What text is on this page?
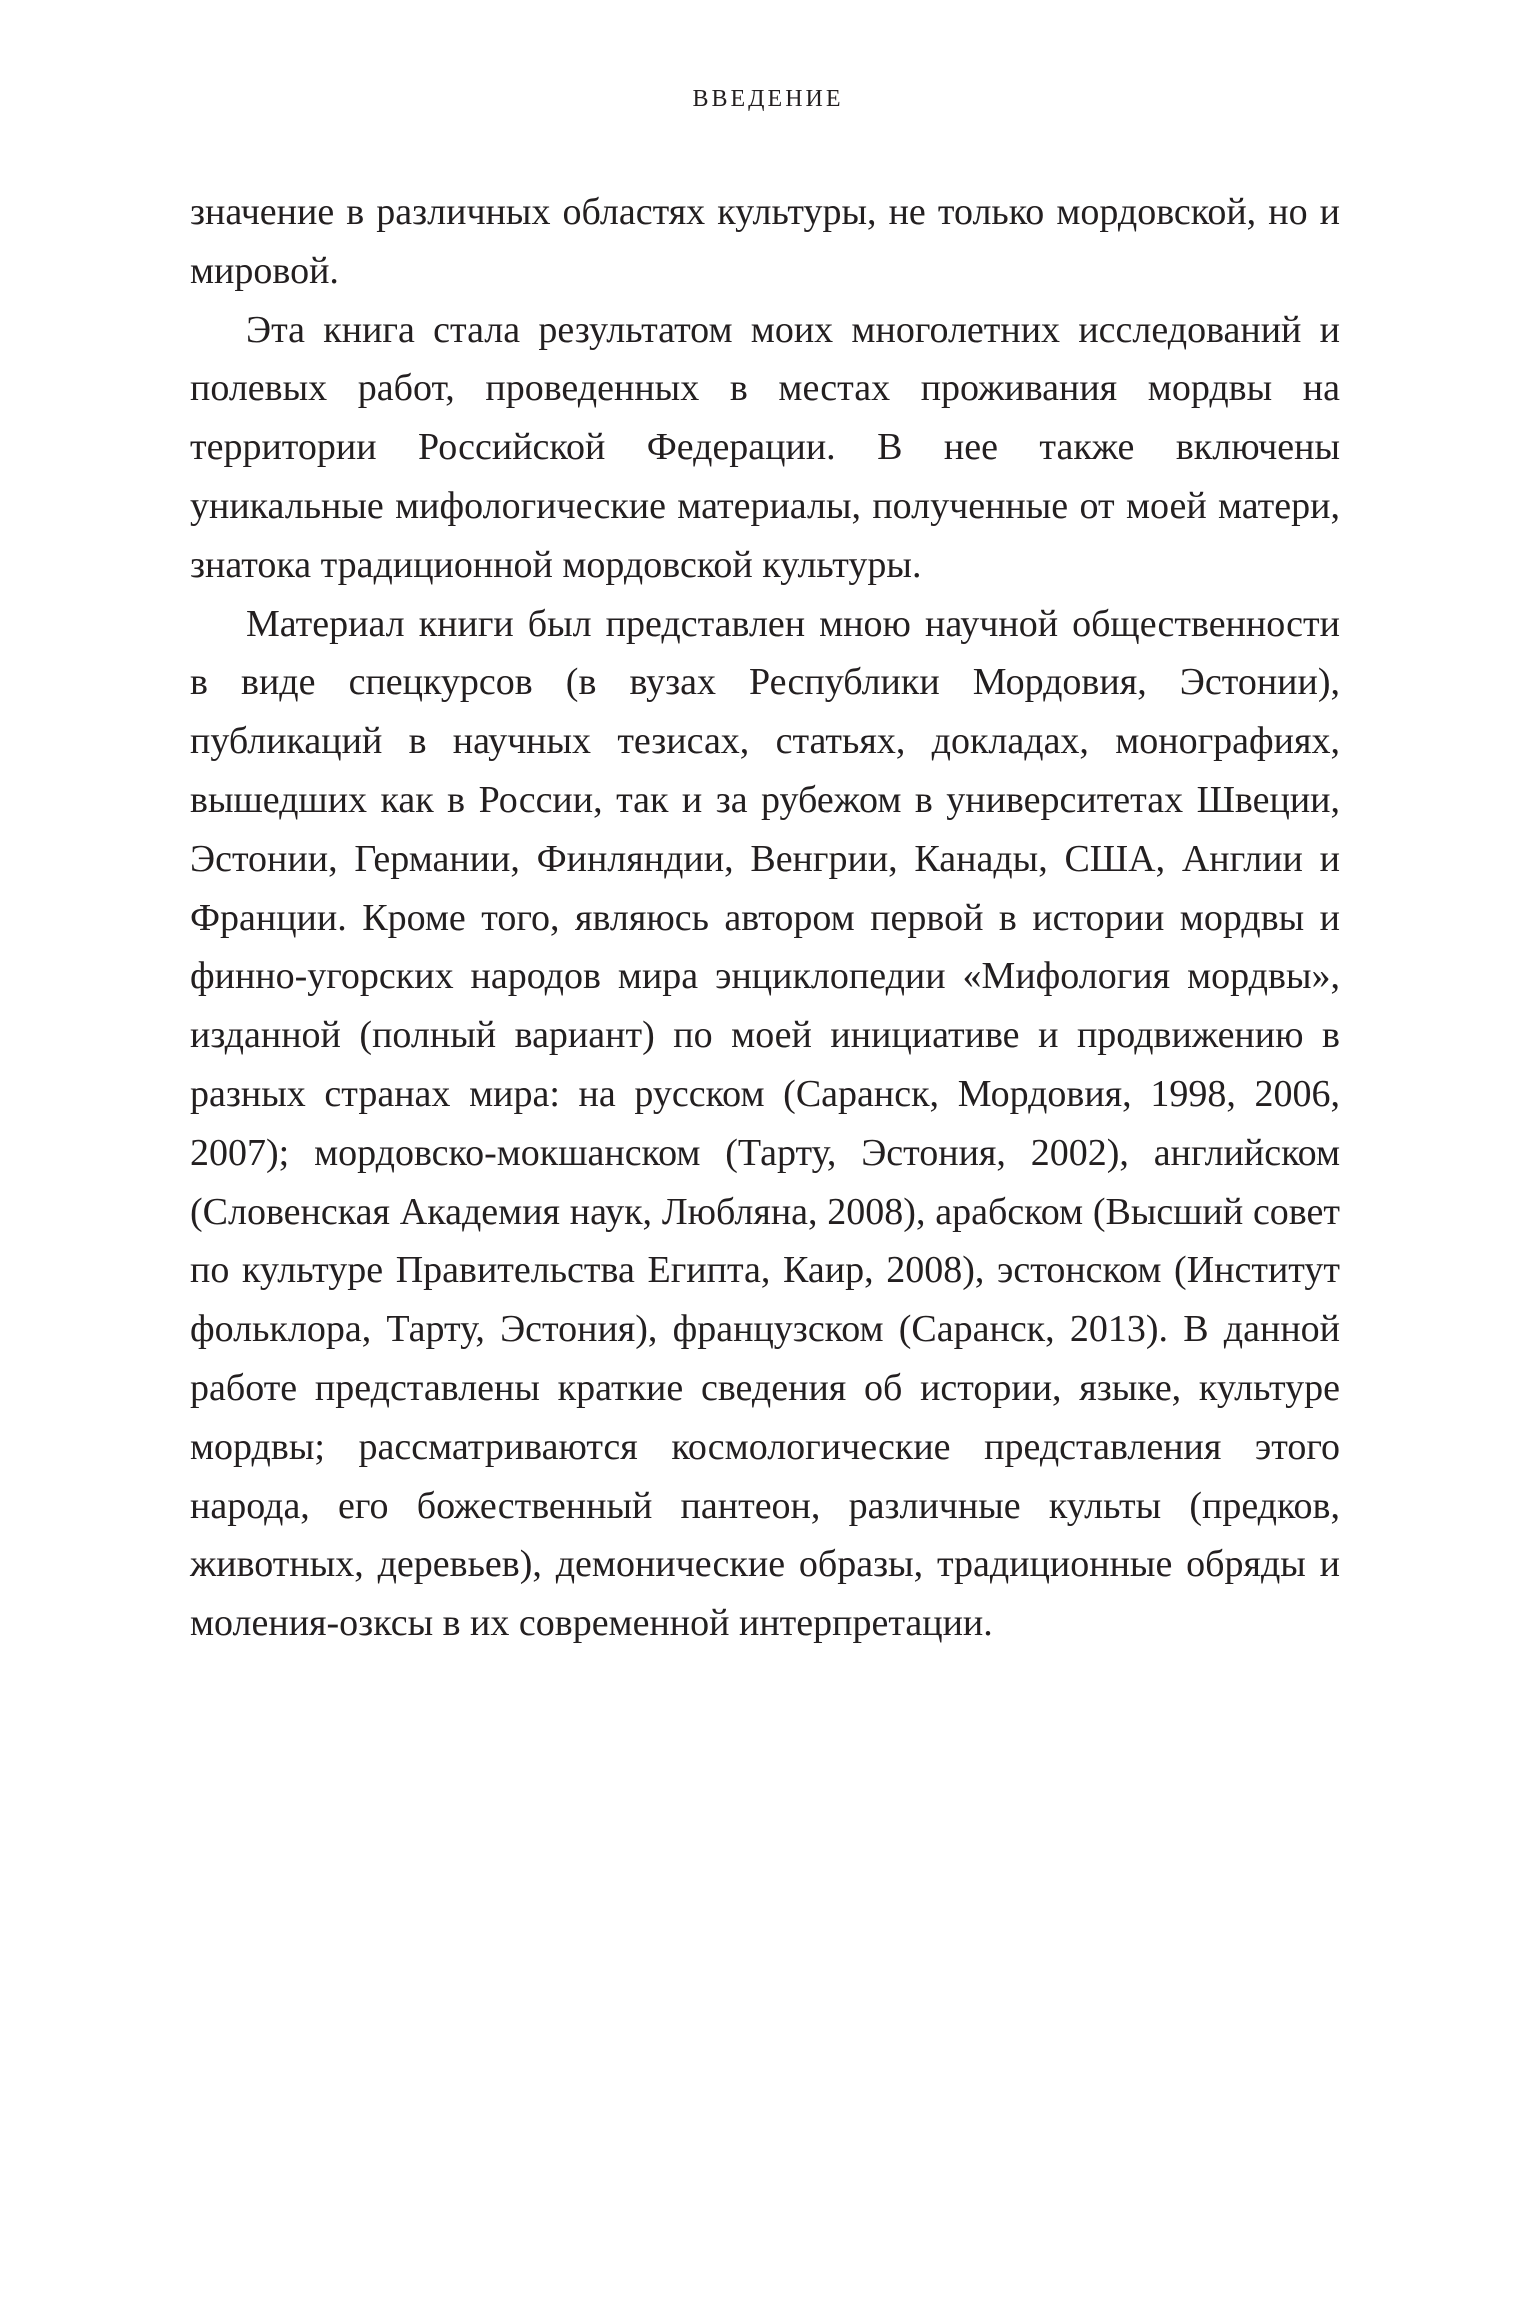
ВВЕДЕНИЕ

значение в различных областях культуры, не только мордовской, но и мировой.

Эта книга стала результатом моих многолетних исследований и полевых работ, проведенных в местах проживания мордвы на территории Российской Федерации. В нее также включены уникальные мифологические материалы, полученные от моей матери, знатока традиционной мордовской культуры.

Материал книги был представлен мною научной общественности в виде спецкурсов (в вузах Республики Мордовия, Эстонии), публикаций в научных тезисах, статьях, докладах, монографиях, вышедших как в России, так и за рубежом в университетах Швеции, Эстонии, Германии, Финляндии, Венгрии, Канады, США, Англии и Франции. Кроме того, являюсь автором первой в истории мордвы и финно-угорских народов мира энциклопедии «Мифология мордвы», изданной (полный вариант) по моей инициативе и продвижению в разных странах мира: на русском (Саранск, Мордовия, 1998, 2006, 2007); мордовско-мокшанском (Тарту, Эстония, 2002), английском (Словенская Академия наук, Любляна, 2008), арабском (Высший совет по культуре Правительства Египта, Каир, 2008), эстонском (Институт фольклора, Тарту, Эстония), французском (Саранск, 2013). В данной работе представлены краткие сведения об истории, языке, культуре мордвы; рассматриваются космологические представления этого народа, его божественный пантеон, различные культы (предков, животных, деревьев), демонические образы, традиционные обряды и моления-озксы в их современной интерпретации.
